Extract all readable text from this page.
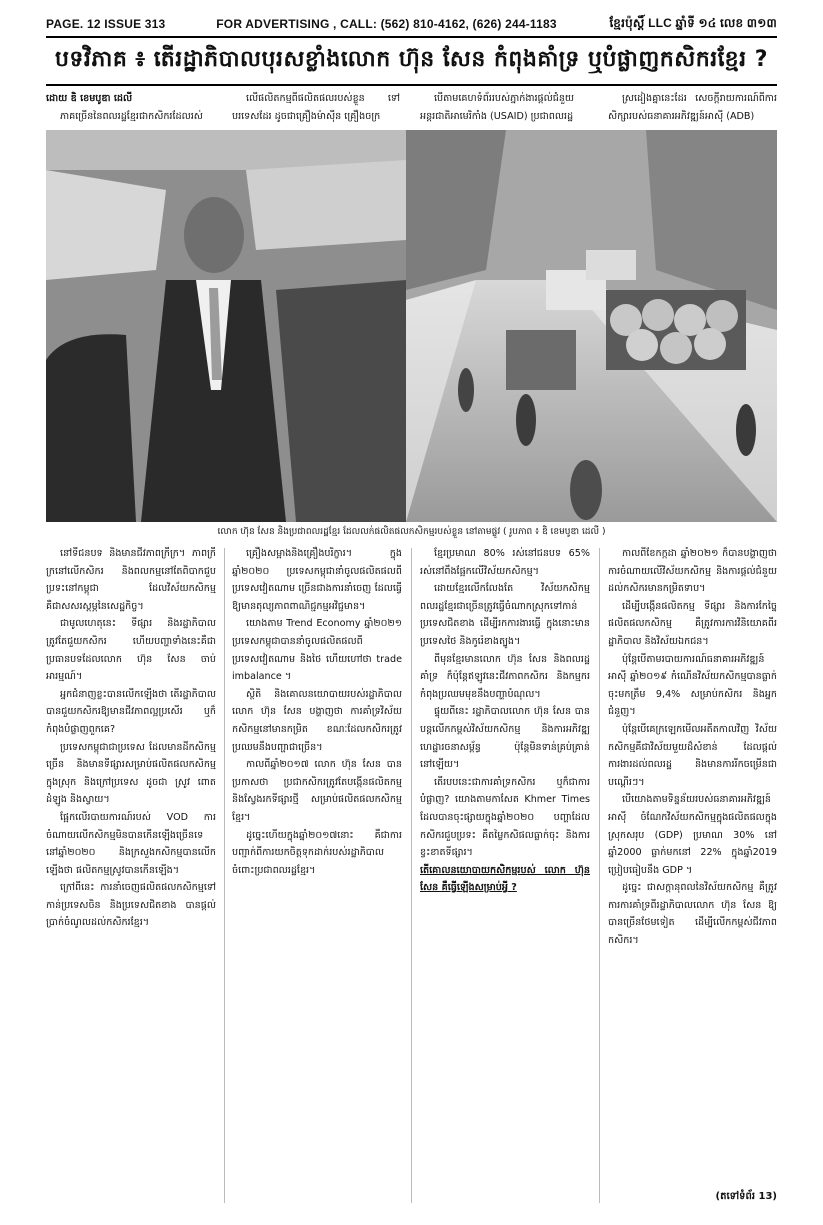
PAGE. 12 ISSUE 313	FOR ADVERTISING , CALL: (562) 810-4162, (626) 244-1183	ខ្មែរប៉ុស្ដិ៍ LLC ឆ្នាំទី ១៤ លេខ ៣១៣
បទវិភាគ ៖ តើរដ្ឋាភិបាលបុរសខ្លាំងលោក ហ៊ុន សែន កំពុងគាំទ្រ ឬបំផ្លាញកសិករខ្មែរ ?

ដោយ ឌិ ខេមបូឌា ដេលី

ភាគច្រើននៃពលរដ្ឋខ្មែរជាកសិករដែលរស់

លើផលិតកម្មពីផលិតផលរបស់ខ្លួន ទៅបរទេសដែរ ដូចជាគ្រឿងម៉ាស៊ីន គ្រឿងចក្រ

បើតាមគេហទំព័ររបស់ភ្នាក់ងារផ្ដល់ជំនួយអន្តរជាតិអាមេរិកាំង (USAID) ប្រជាពលរដ្ឋ

ស្រដៀងគ្នានេះដែរ សេចក្ដីរាយការណ៍ពីការសិក្សារបស់ធនាគារអភិវឌ្ឍន៍អាស៊ី (ADB)

លោក ហ៊ុន សែន និងប្រជាពលរដ្ឋខ្មែរ ដែលលក់ផលិតផលកសិកម្មរបស់ខ្លួន នៅតាមផ្លូវ ( រូបភាព ៖ ឌិ ខេមបូឌា ដេលី )

នៅទីជនបទ និងមានជីវភាពក្រីក្រ។ ភាពក្រីក្រនៅលើកសិករ និងពលកម្មនៅតែពិបាកជួបប្រទះនៅកម្ពុជា ដែលវិស័យកសិកម្មគឺជាសសរស្ដម្ភនៃសេដ្ឋកិច្ច។

ជាមូលហេតុនេះ ទីផ្សារ និងរដ្ឋាភិបាលត្រូវតែជួយកសិករ ហើយបញ្ហាទាំងនេះគឺជាប្រធានបទដែលលោក ហ៊ុន សែន ចាប់អារម្មណ៍។

អ្នកជំនាញខ្លះបានលើកឡើងថា តើរដ្ឋាភិបាលបានជួយកសិករឱ្យមានជីវភាពល្អប្រសើរ ឬក៏កំពុងបំផ្លាញពួកគេ?

ប្រទេសកម្ពុជាជាប្រទេស ដែលមានដីកសិកម្មច្រើន និងមានទីផ្សារសម្រាប់ផលិតផលកសិកម្មក្នុងស្រុក និងក្រៅប្រទេស ដូចជា ស្រូវ ពោត ដំឡូង និងស្វាយ។

ផ្អែកលើរបាយការណ៍របស់ VOD ការចំណាយលើកសិកម្មមិនបានកើនឡើងច្រើនទេ នៅឆ្នាំ២០២០ និងក្រសួងកសិកម្មបានលើកឡើងថា ផលិតកម្មស្រូវបានកើនឡើង។

ក្រៅពីនេះ ការនាំចេញផលិតផលកសិកម្មទៅកាន់ប្រទេសចិន និងប្រទេសជិតខាង បានផ្ដល់ប្រាក់ចំណូលដល់កសិករខ្មែរ។

គ្រឿងសម្អាងនិងគ្រឿងបរិក្ខារ។ ក្នុងឆ្នាំ២០២០ ប្រទេសកម្ពុជានាំចូលផលិតផលពីប្រទេសវៀតណាម ច្រើនជាងការនាំចេញ ដែលធ្វើឱ្យមានតុល្យភាពពាណិជ្ជកម្មអវិជ្ជមាន។

យោងតាម Trend Economy ឆ្នាំ២០២១ ប្រទេសកម្ពុជាបាននាំចូលផលិតផលពីប្រទេសវៀតណាម និងថៃ ហើយហៅថា trade imbalance ។

ស្ថិតិ និងគោលនយោបាយរបស់រដ្ឋាភិបាលលោក ហ៊ុន សែន បង្ហាញថា ការគាំទ្រវិស័យកសិកម្មនៅមានកម្រិត ខណៈដែលកសិករត្រូវប្រឈមនឹងបញ្ហាជាច្រើន។

កាលពីឆ្នាំ២០១៧ លោក ហ៊ុន សែន បានប្រកាសថា ប្រជាកសិករត្រូវតែបង្កើនផលិតកម្ម និងស្វែងរកទីផ្សារថ្មី សម្រាប់ផលិតផលកសិកម្មខ្មែរ។

ដូច្នេះហើយក្នុងឆ្នាំ២០១៧នោះ គឺជាការបញ្ជាក់ពីការយកចិត្តទុកដាក់របស់រដ្ឋាភិបាលចំពោះប្រជាពលរដ្ឋខ្មែរ។

ខ្មែរប្រមាណ 80% រស់នៅជនបទ 65% រស់នៅពឹងផ្អែកលើវិស័យកសិកម្ម។

ដោយខ្មែរលើកលែងតែ វិស័យកសិកម្ម ពលរដ្ឋខ្មែរជាច្រើនត្រូវធ្វើចំណាកស្រុកទៅកាន់ប្រទេសជិតខាង ដើម្បីរកការងារធ្វើ ក្នុងនោះមានប្រទេសថៃ និងកូរ៉េខាងត្បូង។

ពីមុនខ្មែរមានលោក ហ៊ុន សែន និងពលរដ្ឋគាំទ្រ ក៏ប៉ុន្តែឥឡូវនេះជីវភាពកសិករ និងកម្មករកំពុងប្រឈមមុខនឹងបញ្ហាបំណុល។

ផ្ទុយពីនេះ រដ្ឋាភិបាលលោក ហ៊ុន សែន បានបន្តលើកកម្ពស់វិស័យកសិកម្ម និងការអភិវឌ្ឍហេដ្ឋារចនាសម្ព័ន្ធ ប៉ុន្តែមិនទាន់គ្រប់គ្រាន់នៅឡើយ។

តើរបបនេះជាការគាំទ្រកសិករ ឬក៏ជាការបំផ្លាញ? យោងតាមកាសែត Khmer Times ដែលបានចុះផ្សាយក្នុងឆ្នាំ២០២០ បញ្ហាដែលកសិករជួបប្រទះ គឺតម្លៃកសិផលធ្លាក់ចុះ និងការខ្វះខាតទីផ្សារ។

តើគោលនយោបាយកសិកម្មរបស់ លោក ហ៊ុន សែន គឺធ្វើឡើងសម្រាប់អ្វី ?

កាលពីខែកក្កដា ឆ្នាំ២០២១ ក៏បានបង្ហាញថា ការចំណាយលើវិស័យកសិកម្ម និងការផ្ដល់ជំនួយដល់កសិករមានកម្រិតទាប។

ដើម្បីបង្កើនផលិតកម្ម ទីផ្សារ និងការកែច្នៃផលិតផលកសិកម្ម គឺត្រូវការការវិនិយោគពីរដ្ឋាភិបាល និងវិស័យឯកជន។

ប៉ុន្តែបើតាមរបាយការណ៍ធនាគារអភិវឌ្ឍន៍អាស៊ី ឆ្នាំ២០១៩ កំណើនវិស័យកសិកម្មបានធ្លាក់ចុះមកត្រឹម 9,4% សម្រាប់កសិករ និងអ្នកជំនួញ។

ប៉ុន្តែបើគេក្រឡេកមើលអតីតកាលវិញ វិស័យកសិកម្មគឺជាវិស័យមួយដ៏សំខាន់ ដែលផ្ដល់ការងារដល់ពលរដ្ឋ និងមានការរីកចម្រើនជាបណ្ដើរៗ។

បើយោងតាមទិន្នន័យរបស់ធនាគារអភិវឌ្ឍន៍អាស៊ី ចំណែកវិស័យកសិកម្មក្នុងផលិតផលក្នុងស្រុកសរុប (GDP) ប្រមាណ 30% នៅឆ្នាំ2000 ធ្លាក់មកនៅ 22% ក្នុងឆ្នាំ2019 ប្រៀបធៀបនឹង GDP ។

ដូច្នេះ ជាសក្ដានុពលនៃវិស័យកសិកម្ម គឺត្រូវការការគាំទ្រពីរដ្ឋាភិបាលលោក ហ៊ុន សែន ឱ្យបានច្រើនថែមទៀត ដើម្បីលើកកម្ពស់ជីវភាពកសិករ។

(តទៅទំព័រ 13)
